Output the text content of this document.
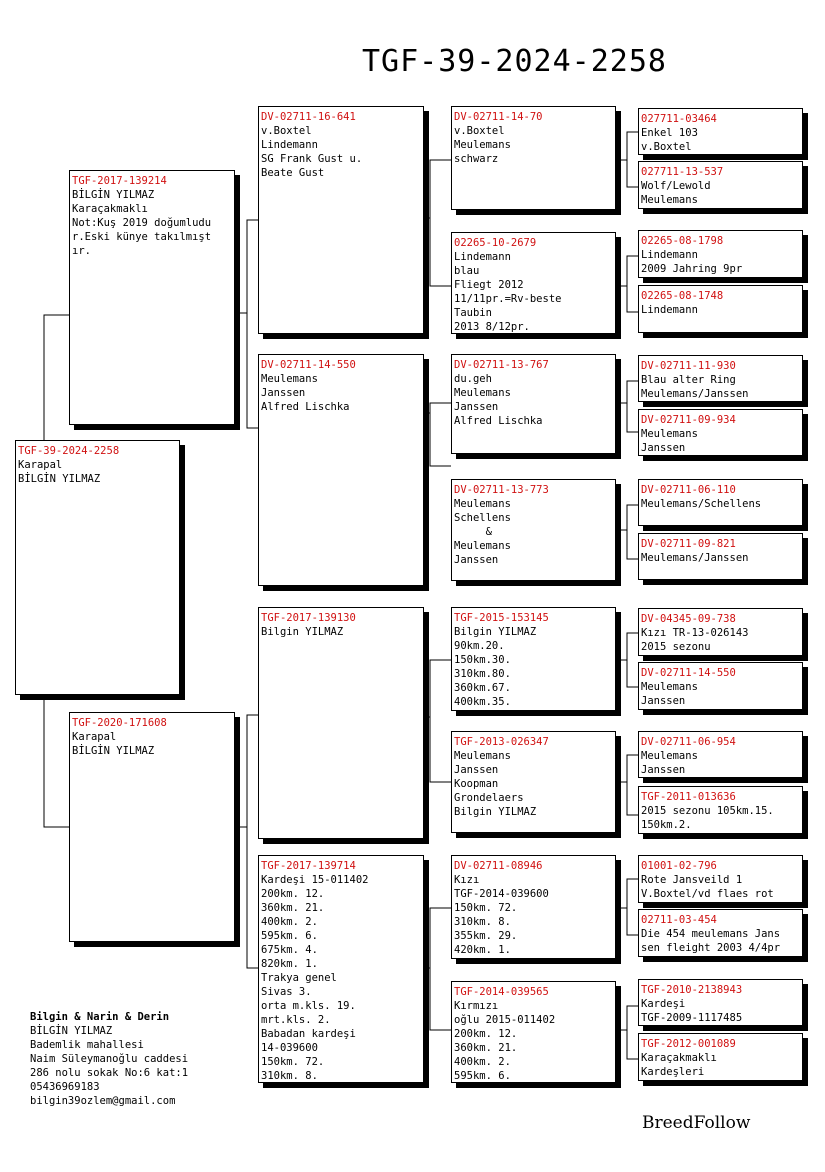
TGF-39-2024-2258
TGF-39-2024-2258
Karapal
BİLGİN YILMAZ
TGF-2017-139214
BİLGİN YILMAZ
Karaçakmaklı
Not:Kuş 2019 doğumludu
r.Eski künye takılmışt
ır.
TGF-2020-171608
Karapal
BİLGİN YILMAZ
DV-02711-16-641
v.Boxtel
Lindemann
SG Frank Gust u.
Beate Gust
DV-02711-14-550
Meulemans
Janssen
Alfred Lischka
TGF-2017-139130
Bilgin YILMAZ
TGF-2017-139714
Kardeşi 15-011402
200km. 12.
360km. 21.
400km. 2.
595km. 6.
675km. 4.
820km. 1.
Trakya genel
Sivas 3.
orta m.kls. 19.
mrt.kls. 2.
Babadan kardeşi
14-039600
150km. 72.
310km. 8.
DV-02711-14-70
v.Boxtel
Meulemans
schwarz
02265-10-2679
Lindemann
blau
Fliegt 2012
11/11pr.=Rv-beste
Taubin
2013 8/12pr.
DV-02711-13-767
du.geh
Meulemans
Janssen
Alfred Lischka
DV-02711-13-773
Meulemans
Schellens
&
Meulemans
Janssen
TGF-2015-153145
Bilgin YILMAZ
90km.20.
150km.30.
310km.80.
360km.67.
400km.35.
TGF-2013-026347
Meulemans
Janssen
Koopman
Grondelaers
Bilgin YILMAZ
DV-02711-08946
Kızı
TGF-2014-039600
150km. 72.
310km. 8.
355km. 29.
420km. 1.
TGF-2014-039565
Kırmızı
oğlu 2015-011402
200km. 12.
360km. 21.
400km. 2.
595km. 6.
027711-03464
Enkel 103
v.Boxtel
027711-13-537
Wolf/Lewold
Meulemans
02265-08-1798
Lindemann
2009 Jahring 9pr
02265-08-1748
Lindemann
DV-02711-11-930
Blau alter Ring
Meulemans/Janssen
DV-02711-09-934
Meulemans
Janssen
DV-02711-06-110
Meulemans/Schellens
DV-02711-09-821
Meulemans/Janssen
DV-04345-09-738
Kızı TR-13-026143
2015 sezonu
DV-02711-14-550
Meulemans
Janssen
DV-02711-06-954
Meulemans
Janssen
TGF-2011-013636
2015 sezonu 105km.15.
150km.2.
01001-02-796
Rote Jansveild 1
V.Boxtel/vd flaes rot
02711-03-454
Die 454 meulemans Jans
sen fleight 2003 4/4pr
TGF-2010-2138943
Kardeşi
TGF-2009-1117485
TGF-2012-001089
Karaçakmaklı
Kardeşleri
Bilgin & Narin & Derin
BİLGİN YILMAZ
Bademlik mahallesi
Naim Süleymanoğlu caddesi
286 nolu sokak No:6 kat:1
05436969183
bilgin39ozlem@gmail.com
BreedFollow
